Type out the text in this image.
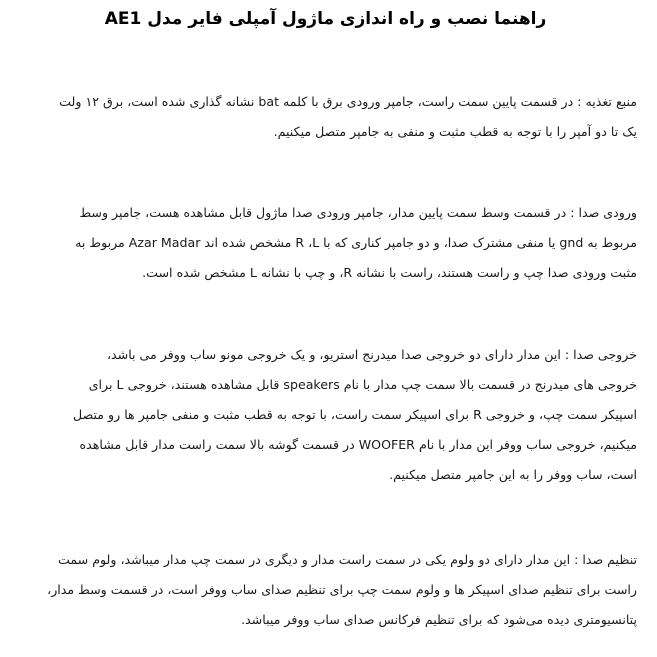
راهنما نصب و راه اندازی ماژول آمپلی فایر مدل AE1

منبع تغذیه : در قسمت پایین سمت راست، جامپر ورودی برق با کلمه bat نشانه گذاری شده است، برق ۱۲ ولت
یک تا دو آمپر را با توجه به قطب مثبت و منفی به جامپر متصل میکنیم.

ورودی صدا : در قسمت وسط سمت پایین مدار، جامپر ورودی صدا ماژول قابل مشاهده هست، جامپر وسط
مربوط به gnd یا منفی مشترک صدا، و دو جامپر کناری که با R ،L مشخص شده اند Azar Madar مربوط به
مثبت ورودی صدا چپ و راست هستند، راست با نشانه R، و چپ با نشانه L مشخص شده است.

خروجی صدا : این مدار دارای دو خروجی صدا میدرنج استریو، و یک خروجی مونو ساب ووفر می باشد،
خروجی های میدرنج در قسمت بالا سمت چپ مدار با نام speakers قابل مشاهده هستند، خروجی L برای
اسپیکر سمت چپ، و خروجی R برای اسپیکر سمت راست، با توجه به قطب مثبت و منفی جامپر ها رو متصل
میکنیم، خروجی ساب ووفر این مدار با نام WOOFER در قسمت گوشه بالا سمت راست مدار قابل مشاهده
است، ساب ووفر را به این جامپر متصل میکنیم.

تنظیم صدا : این مدار دارای دو ولوم یکی در سمت راست مدار و دیگری در سمت چپ مدار میباشد، ولوم سمت
راست برای تنظیم صدای اسپیکر ها و ولوم سمت چپ برای تنظیم صدای ساب ووفر است، در قسمت وسط مدار،
پتانسیومتری دیده می‌شود که برای تنظیم فرکانس صدای ساب ووفر میباشد.
